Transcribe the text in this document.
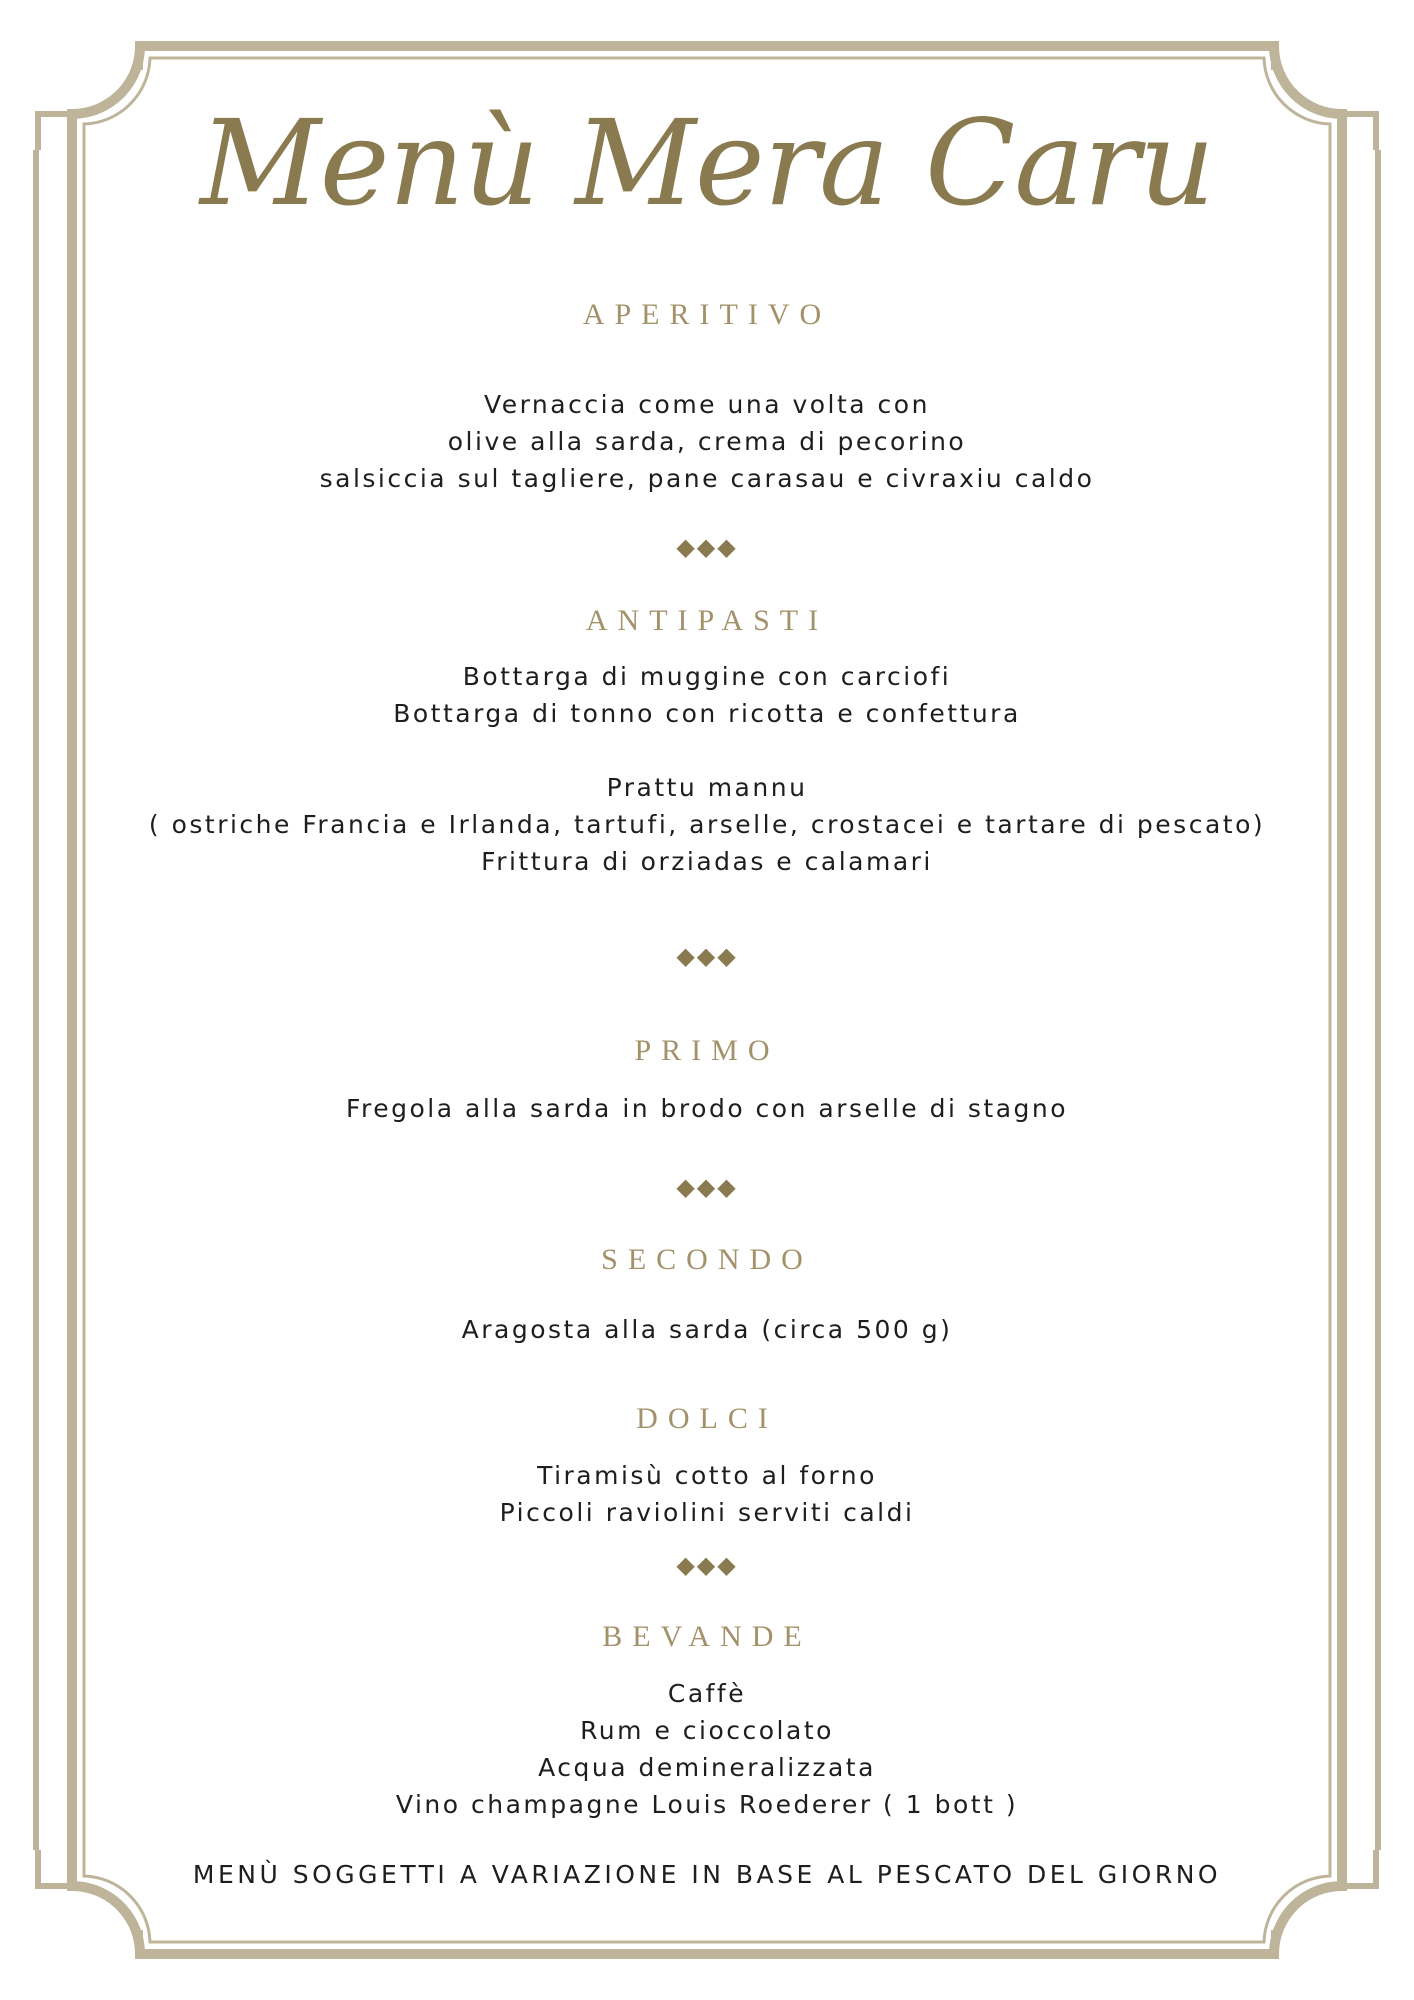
Menù Mera Caru
APERITIVO
Vernaccia come una volta con
olive alla sarda, crema di pecorino
salsiccia sul tagliere, pane carasau e civraxiu caldo
◆◆◆
ANTIPASTI
Bottarga di muggine con carciofi
Bottarga di tonno con ricotta e confettura
Prattu mannu
( ostriche Francia e Irlanda, tartufi, arselle, crostacei e tartare di pescato)
Frittura di orziadas e calamari
◆◆◆
PRIMO
Fregola alla sarda in brodo con arselle di stagno
◆◆◆
SECONDO
Aragosta alla sarda (circa 500 g)
DOLCI
Tiramisù cotto al forno
Piccoli raviolini serviti caldi
◆◆◆
BEVANDE
Caffè
Rum e cioccolato
Acqua demineralizzata
Vino champagne Louis Roederer ( 1 bott )
MENÙ SOGGETTI A VARIAZIONE IN BASE AL PESCATO DEL GIORNO
